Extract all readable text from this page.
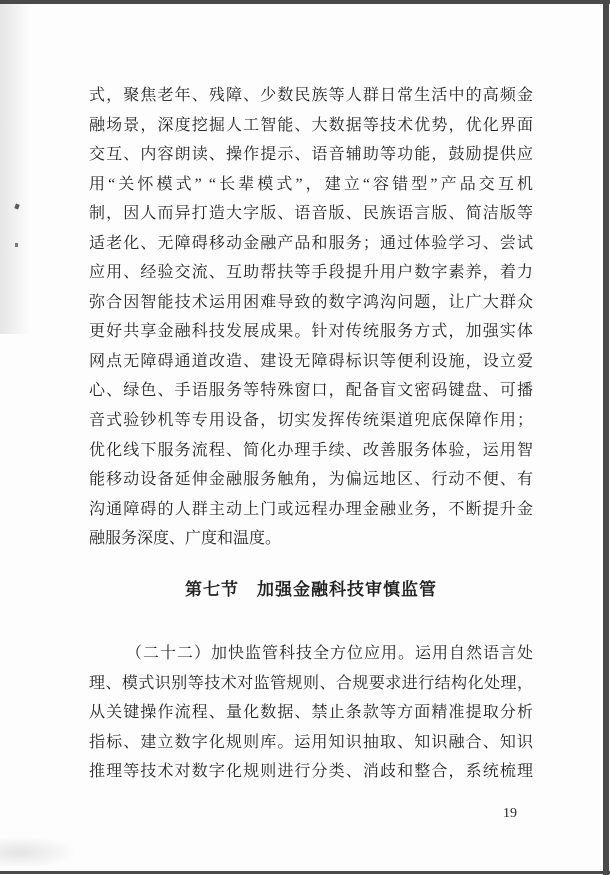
式，聚焦老年、残障、少数民族等人群日常生活中的高频金
融场景，深度挖掘人工智能、大数据等技术优势，优化界面
交互、内容朗读、操作提示、语音辅助等功能，鼓励提供应
用“关怀模式” “长辈模式”，建立“容错型”产品交互机
制，因人而异打造大字版、语音版、民族语言版、简洁版等
适老化、无障碍移动金融产品和服务；通过体验学习、尝试
应用、经验交流、互助帮扶等手段提升用户数字素养，着力
弥合因智能技术运用困难导致的数字鸿沟问题，让广大群众
更好共享金融科技发展成果。针对传统服务方式，加强实体
网点无障碍通道改造、建设无障碍标识等便利设施，设立爱
心、绿色、手语服务等特殊窗口，配备盲文密码键盘、可播
音式验钞机等专用设备，切实发挥传统渠道兜底保障作用；
优化线下服务流程、简化办理手续、改善服务体验，运用智
能移动设备延伸金融服务触角，为偏远地区、行动不便、有
沟通障碍的人群主动上门或远程办理金融业务，不断提升金
融服务深度、广度和温度。
第七节　加强金融科技审慎监管
（二十二）加快监管科技全方位应用。运用自然语言处
理、模式识别等技术对监管规则、合规要求进行结构化处理，
从关键操作流程、量化数据、禁止条款等方面精准提取分析
指标、建立数字化规则库。运用知识抽取、知识融合、知识
推理等技术对数字化规则进行分类、消歧和整合，系统梳理
19
